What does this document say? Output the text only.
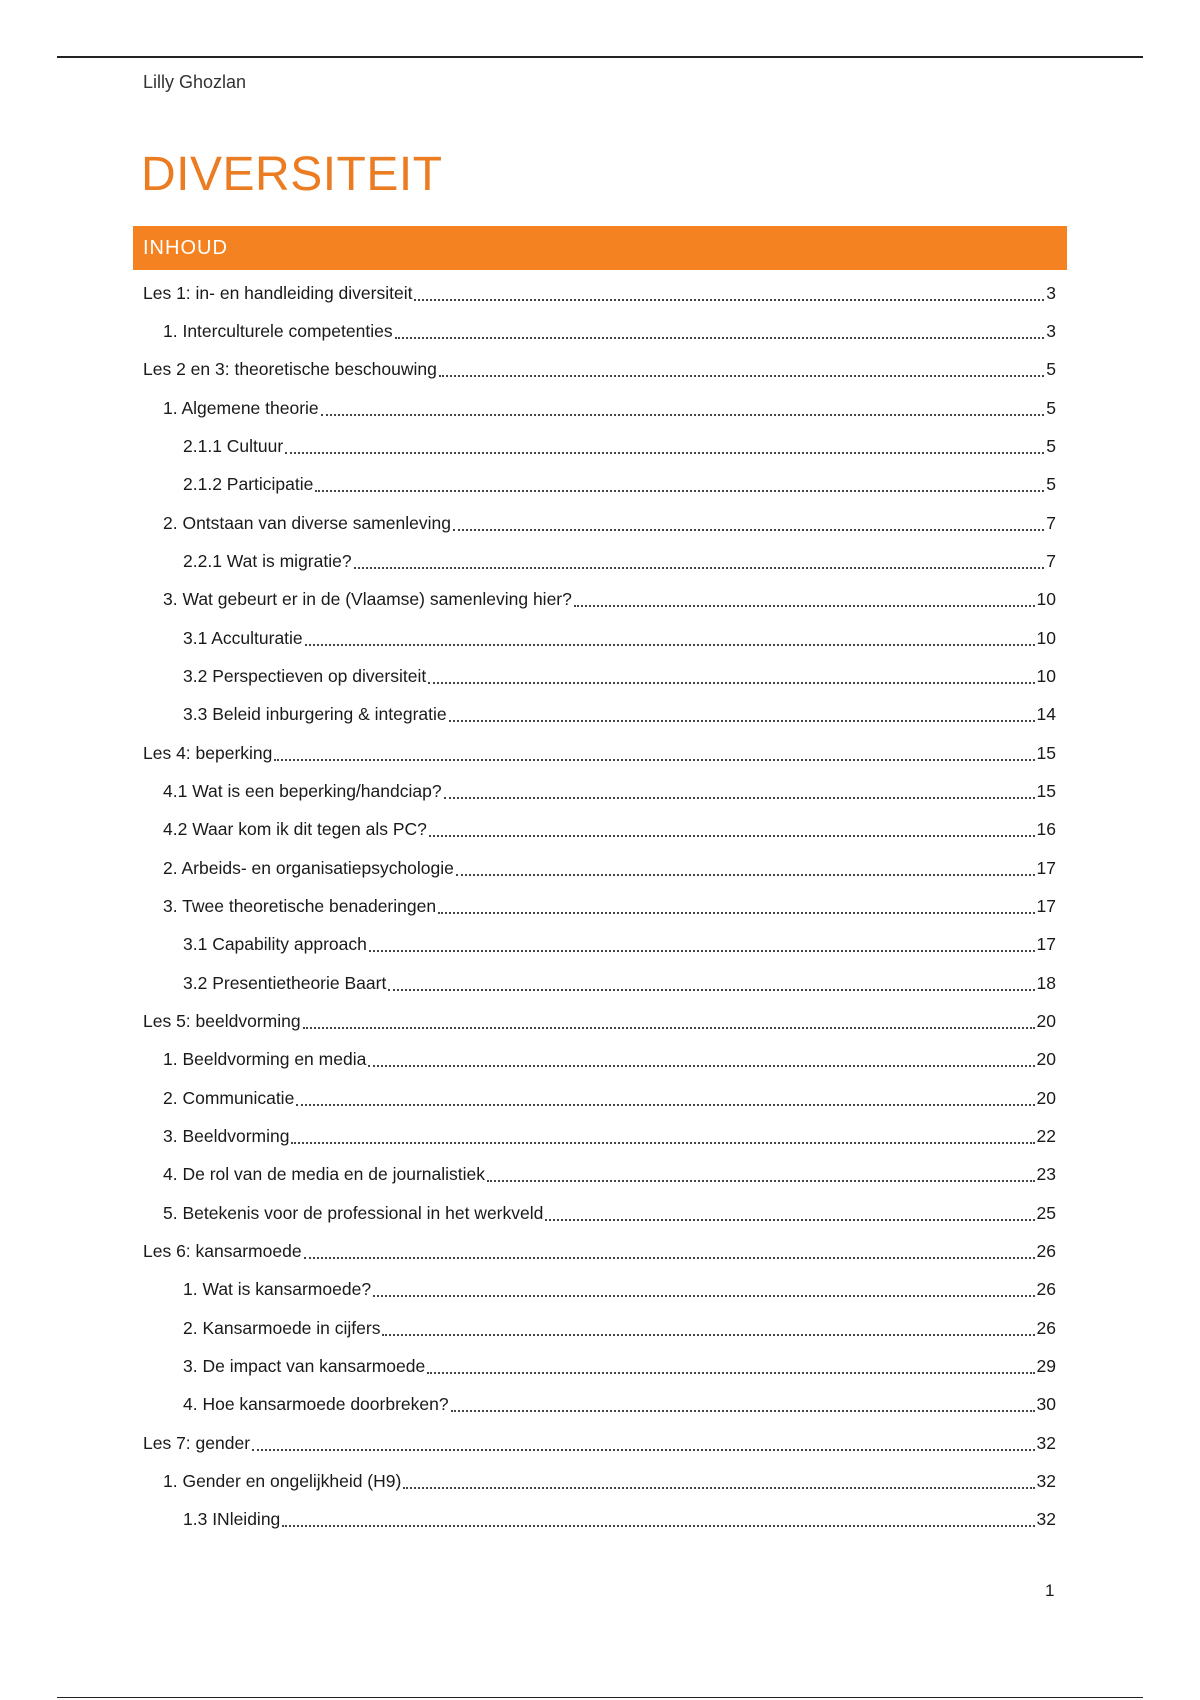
Lilly Ghozlan
DIVERSITEIT
INHOUD
Les 1: in- en handleiding diversiteit	3
1. Interculturele competenties	3
Les 2 en 3: theoretische beschouwing	5
1. Algemene theorie	5
2.1.1 Cultuur	5
2.1.2 Participatie	5
2. Ontstaan van diverse samenleving	7
2.2.1 Wat is migratie?	7
3. Wat gebeurt er in de (Vlaamse) samenleving hier?	10
3.1 Acculturatie	10
3.2 Perspectieven op diversiteit	10
3.3 Beleid inburgering & integratie	14
Les 4: beperking	15
4.1 Wat is een beperking/handciap?	15
4.2 Waar kom ik dit tegen als PC?	16
2. Arbeids- en organisatiepsychologie	17
3. Twee theoretische benaderingen	17
3.1 Capability approach	17
3.2 Presentietheorie Baart	18
Les 5: beeldvorming	20
1. Beeldvorming en media	20
2. Communicatie	20
3. Beeldvorming	22
4. De rol van de media en de journalistiek	23
5. Betekenis voor de professional in het werkveld	25
Les 6: kansarmoede	26
1. Wat is kansarmoede?	26
2. Kansarmoede in cijfers	26
3. De impact van kansarmoede	29
4. Hoe kansarmoede doorbreken?	30
Les 7: gender	32
1. Gender en ongelijkheid (H9)	32
1.3 INleiding	32
1
